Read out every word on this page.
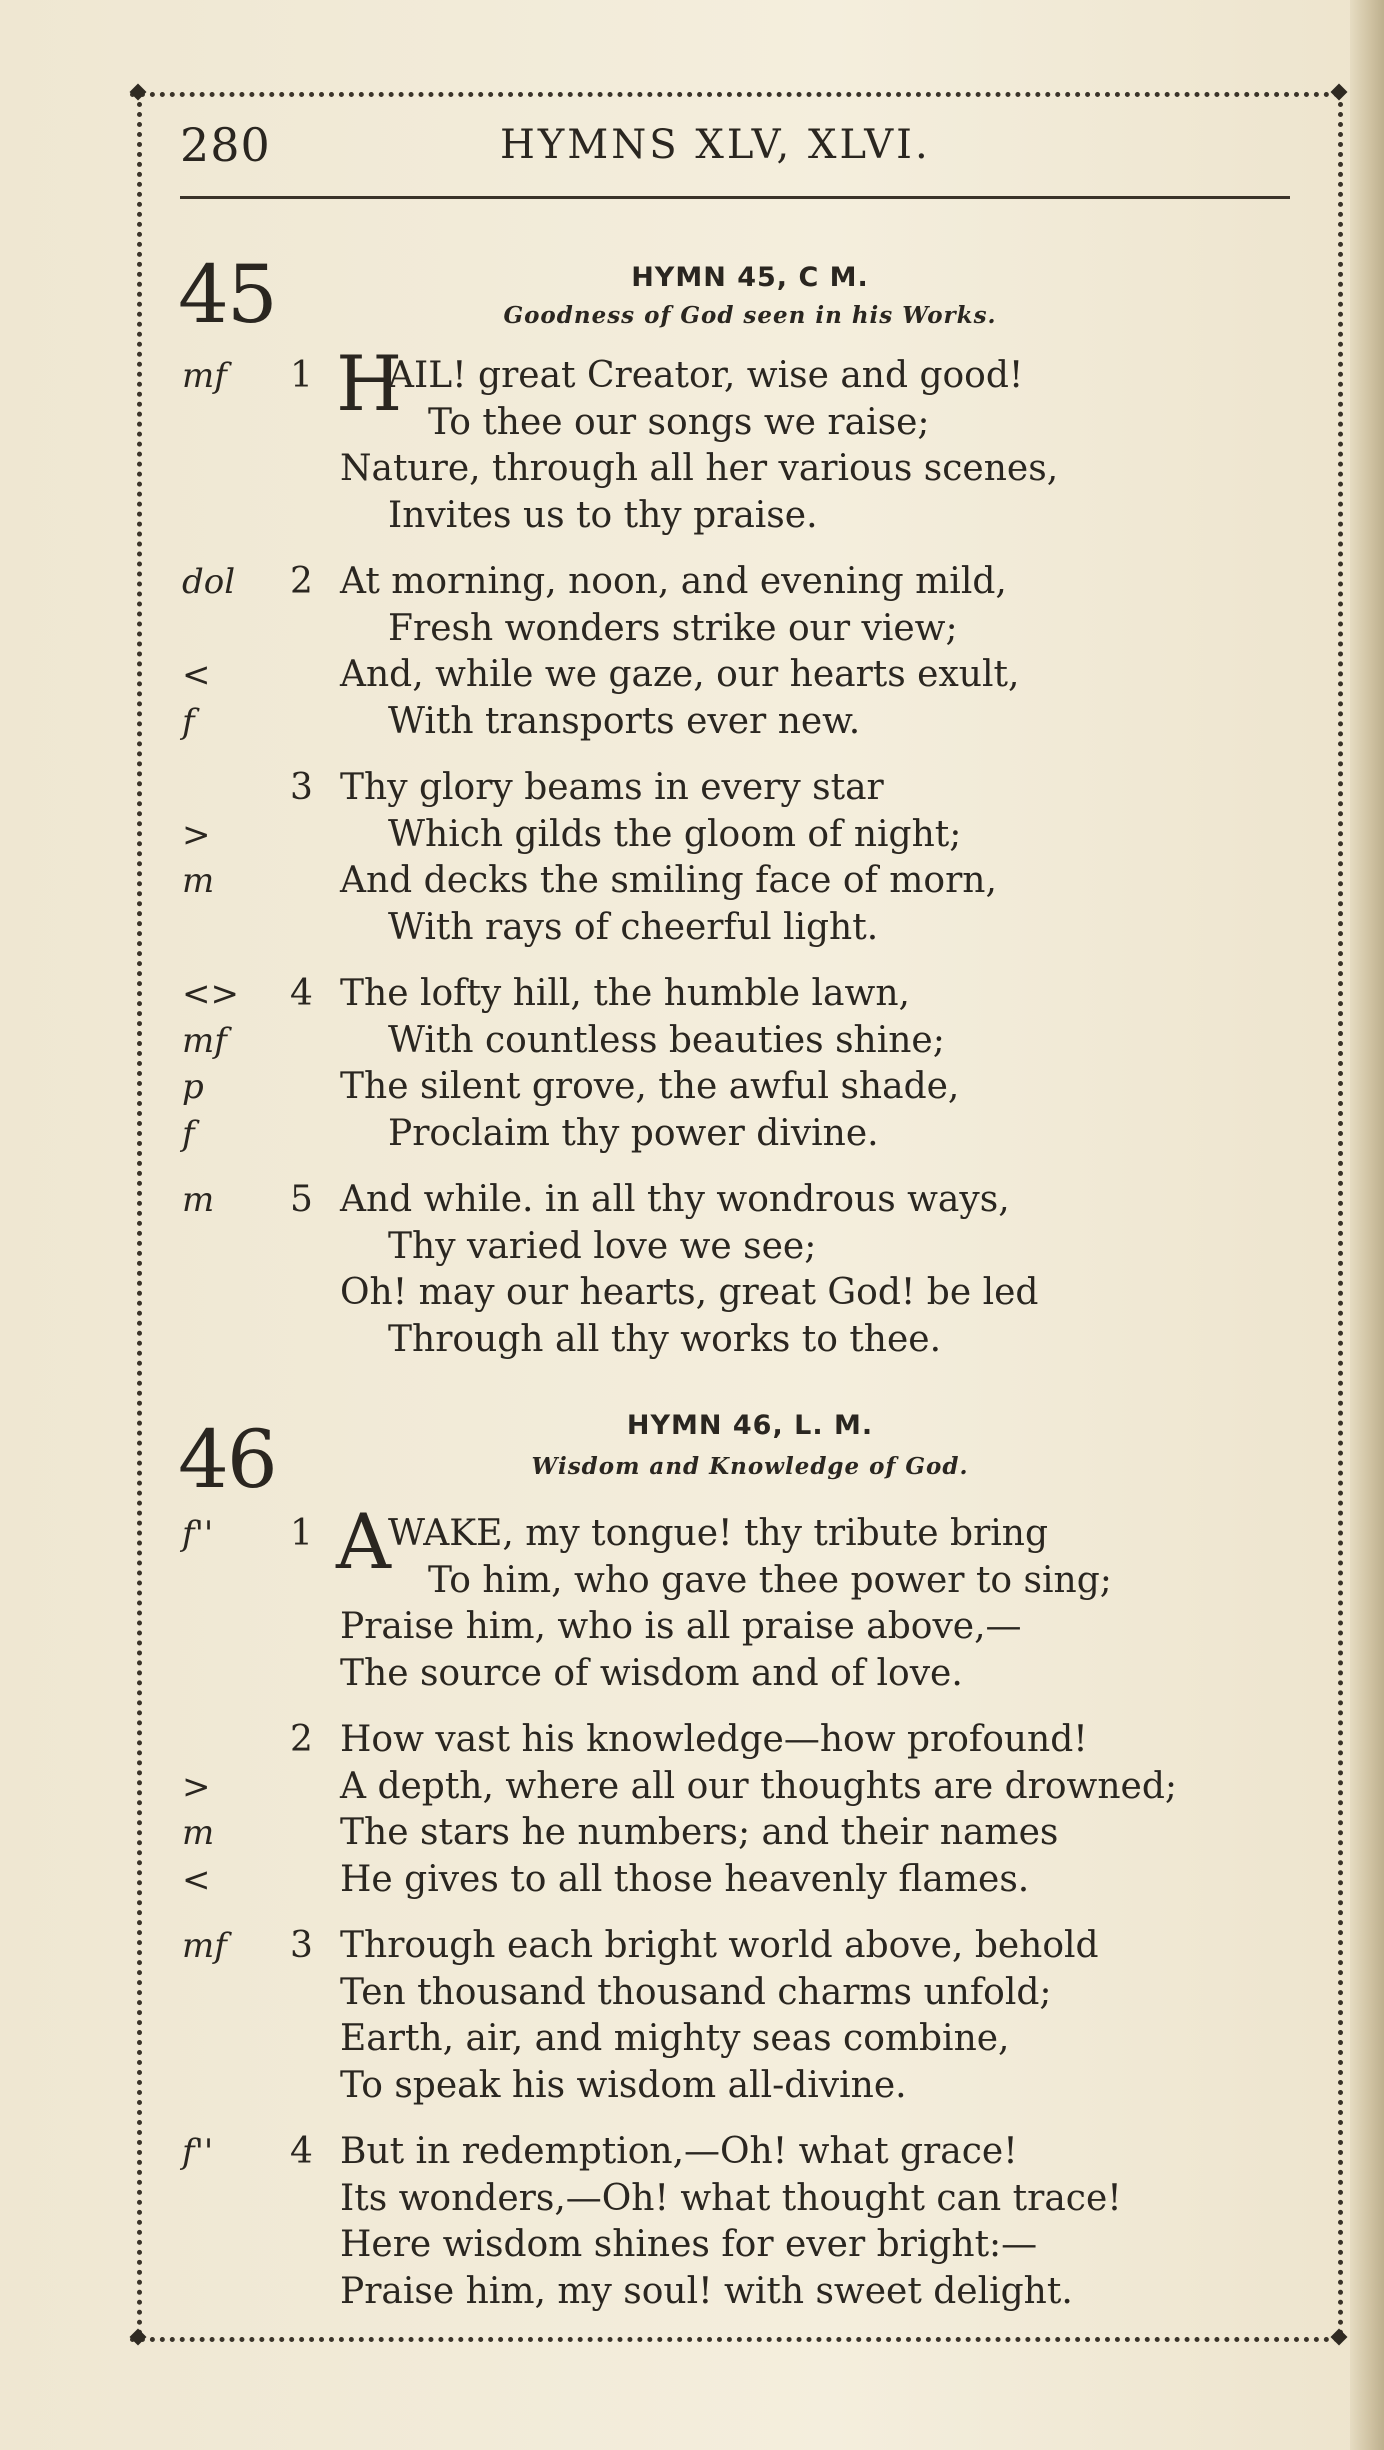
280	HYMNS XLV, XLVI.
45	HYMN 45, C M.
Goodness of God seen in his Works.
mf	1 H
AIL! great Creator, wise and good!
To thee our songs we raise;
Nature, through all her various scenes,
Invites us to thy praise.
dol	2 At morning, noon, and evening mild,
Fresh wonders strike our view;
<	And, while we gaze, our hearts exult,
f	With transports ever new.
3 Thy glory beams in every star
>	Which gilds the gloom of night;
m	And decks the smiling face of morn,
With rays of cheerful light.
<>	4 The lofty hill, the humble lawn,
mf	With countless beauties shine;
p	The silent grove, the awful shade,
f	Proclaim thy power divine.
m	5 And while. in all thy wondrous ways,
Thy varied love we see;
Oh! may our hearts, great God! be led
Through all thy works to thee.
46	HYMN 46, L. M.
Wisdom and Knowledge of God.
f''	1 A
WAKE, my tongue! thy tribute bring
To him, who gave thee power to sing;
Praise him, who is all praise above,—
The source of wisdom and of love.
2 How vast his knowledge—how profound!
>	A depth, where all our thoughts are drowned;
m	The stars he numbers; and their names
<	He gives to all those heavenly flames.
mf	3 Through each bright world above, behold
Ten thousand thousand charms unfold;
Earth, air, and mighty seas combine,
To speak his wisdom all-divine.
f''	4 But in redemption,—Oh! what grace!
Its wonders,—Oh! what thought can trace!
Here wisdom shines for ever bright:—
Praise him, my soul! with sweet delight.
